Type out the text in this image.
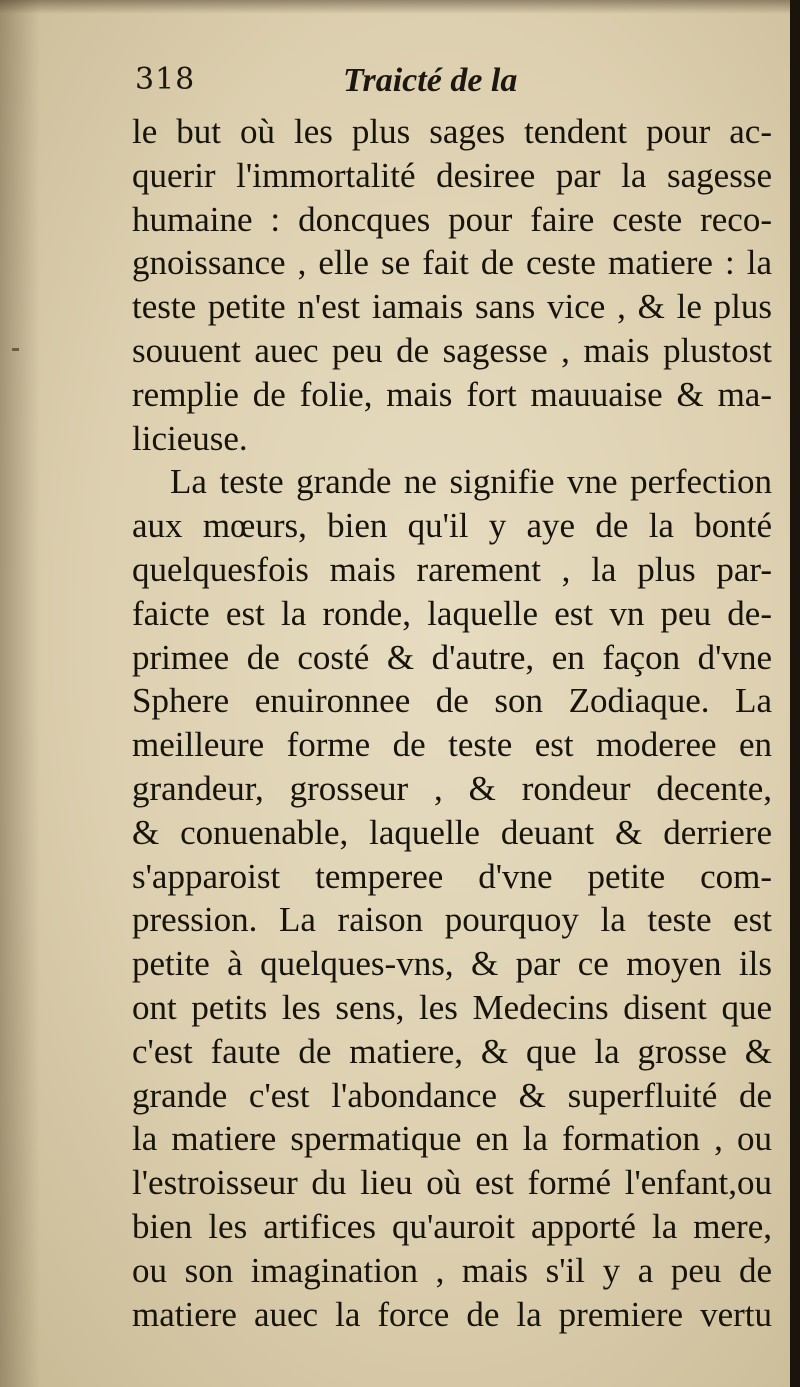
318	Traicté de la
le but où les plus sages tendent pour ac-
querir l'immortalité desiree par la sagesse
humaine : doncques pour faire ceste reco-
gnoissance , elle se fait de ceste matiere : la
teste petite n'est iamais sans vice , & le plus
souuent auec peu de sagesse , mais plustost
remplie de folie, mais fort mauuaise & ma-
licieuse.
La teste grande ne signifie vne perfection
aux mœurs, bien qu'il y aye de la bonté
quelquesfois mais rarement , la plus par-
faicte est la ronde, laquelle est vn peu de-
primee de costé & d'autre, en façon d'vne
Sphere enuironnee de son Zodiaque. La
meilleure forme de teste est moderee en
grandeur, grosseur , & rondeur decente,
& conuenable, laquelle deuant & derriere
s'apparoist temperee d'vne petite com-
pression. La raison pourquoy la teste est
petite à quelques-vns, & par ce moyen ils
ont petits les sens, les Medecins disent que
c'est faute de matiere, & que la grosse &
grande c'est l'abondance & superfluité de
la matiere spermatique en la formation , ou
l'estroisseur du lieu où est formé l'enfant,ou
bien les artifices qu'auroit apporté la mere,
ou son imagination , mais s'il y a peu de
matiere auec la force de la premiere vertu
